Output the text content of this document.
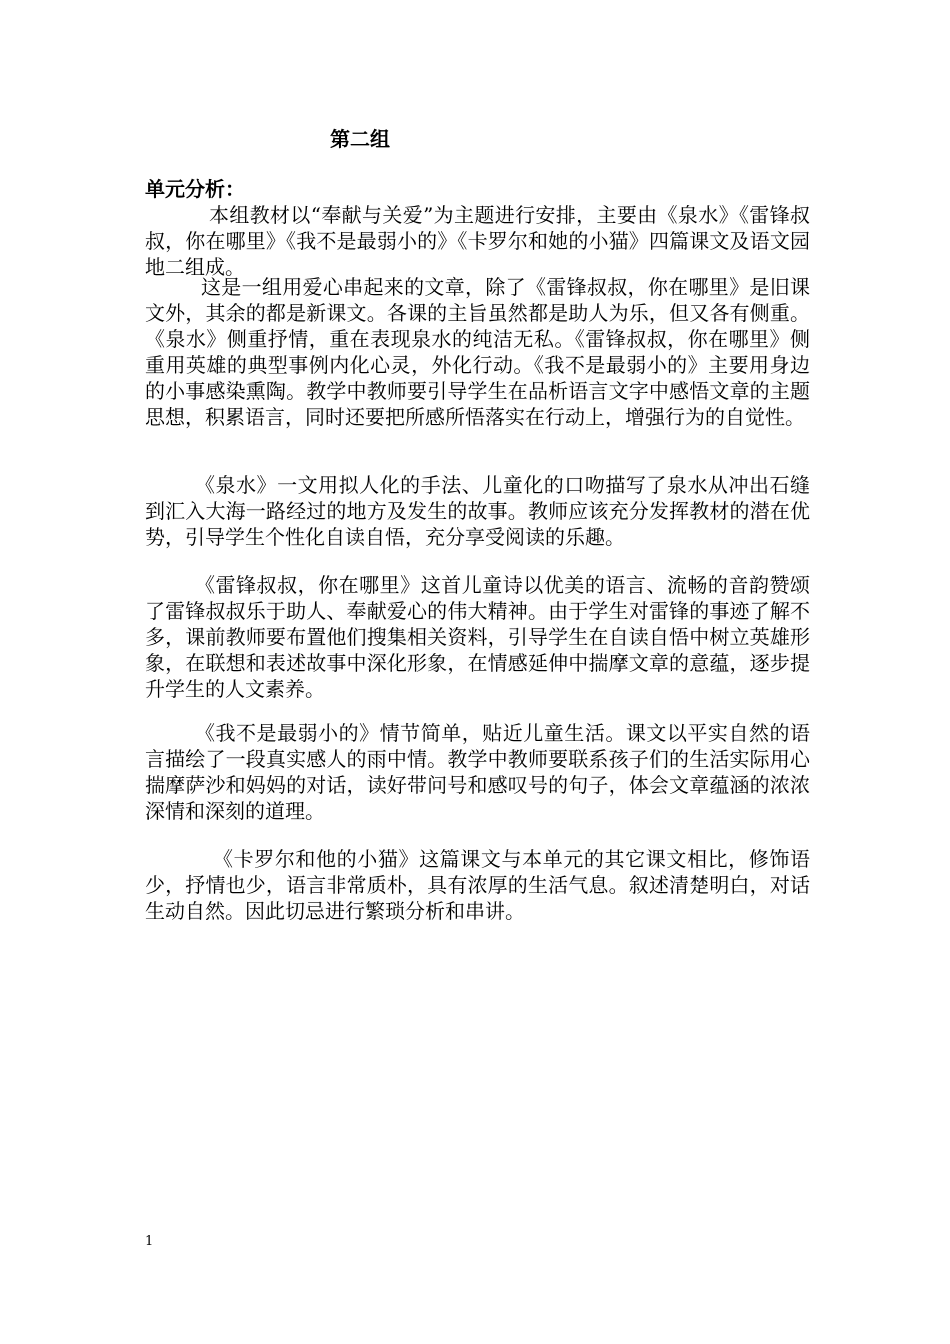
第二组
单元分析：

本组教材以“奉献与关爱”为主题进行安排，主要由《泉水》《雷锋叔叔，你在哪里》《我不是最弱小的》《卡罗尔和她的小猫》四篇课文及语文园地二组成。

这是一组用爱心串起来的文章，除了《雷锋叔叔，你在哪里》是旧课文外，其余的都是新课文。各课的主旨虽然都是助人为乐，但又各有侧重。《泉水》侧重抒情，重在表现泉水的纯洁无私。《雷锋叔叔，你在哪里》侧重用英雄的典型事例内化心灵，外化行动。《我不是最弱小的》主要用身边的小事感染熏陶。教学中教师要引导学生在品析语言文字中感悟文章的主题思想，积累语言，同时还要把所感所悟落实在行动上，增强行为的自觉性。

《泉水》一文用拟人化的手法、儿童化的口吻描写了泉水从冲出石缝到汇入大海一路经过的地方及发生的故事。教师应该充分发挥教材的潜在优势，引导学生个性化自读自悟，充分享受阅读的乐趣。

《雷锋叔叔，你在哪里》这首儿童诗以优美的语言、流畅的音韵赞颂了雷锋叔叔乐于助人、奉献爱心的伟大精神。由于学生对雷锋的事迹了解不多，课前教师要布置他们搜集相关资料，引导学生在自读自悟中树立英雄形象，在联想和表述故事中深化形象，在情感延伸中揣摩文章的意蕴，逐步提升学生的人文素养。

《我不是最弱小的》情节简单，贴近儿童生活。课文以平实自然的语言描绘了一段真实感人的雨中情。教学中教师要联系孩子们的生活实际用心揣摩萨沙和妈妈的对话，读好带问号和感叹号的句子，体会文章蕴涵的浓浓深情和深刻的道理。

《卡罗尔和他的小猫》这篇课文与本单元的其它课文相比，修饰语少，抒情也少，语言非常质朴，具有浓厚的生活气息。叙述清楚明白，对话生动自然。因此切忌进行繁琐分析和串讲。

1
